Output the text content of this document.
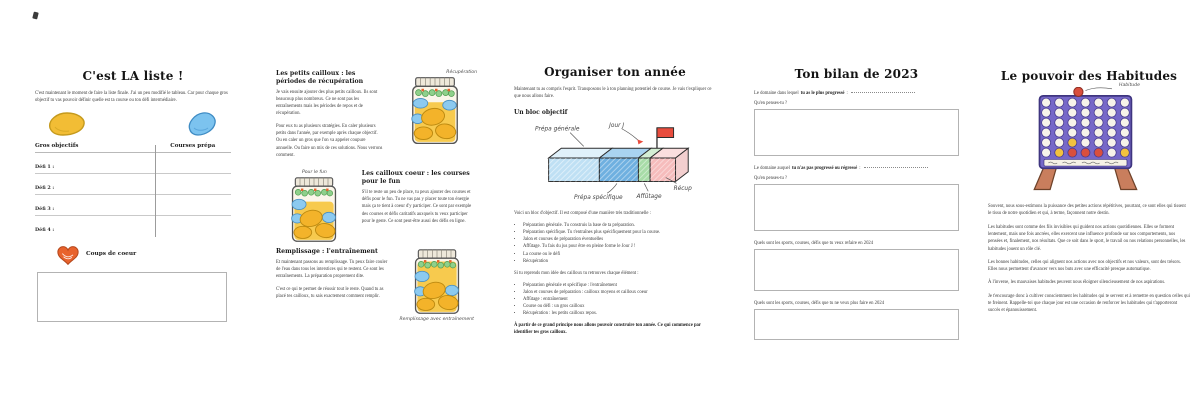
C'est LA liste !

C'est maintenant le moment de faire la liste finale. J'ai un peu modifié le tableau. Car pour chaque gros objectif tu vas pouvoir définir quelle est ta course ou ton défi intermédiaire.

Gros objectifs	Courses prépa
Défi 1 :
Défi 2 :
Défi 3 :
Défi 4 :
Coups de coeur
Les petits cailloux : les périodes de récupération

Je vais ensuite ajouter des plus petits cailloux. Ils sont beaucoup plus nombreux. Ce ne sont pas les entraînements mais les périodes de repos et de récupération.

Pour eux tu as plusieurs stratégies. En caler plusieurs petits dans l'année, par exemple après chaque objectif. Ou en caler un gros que l'on va appeler coupure annuelle. Ou faire un mix de ces solutions. Nous verrons comment.

Récupération
Pour le fun	Les cailloux coeur : les courses pour le fun

S'il te reste un peu de place, tu peux ajouter des courses et défis pour le fun. Tu ne vas pas y placer toute ton énergie mais ça te tient à coeur d'y participer. Ce sont par exemple des courses et défis caritatifs auxquels tu veux participer pour le geste. Ce sont peut-être aussi des défis en ligne.

Remplissage : l'entraînement

Et maintenant passons au remplissage. Tu peux faire couler de l'eau dans tous les interstices qui te restent. Ce sont les entraînements. La préparation proprement dite.

C'est ce qui te permet de réussir tout le reste. Quand tu as placé tes cailloux, tu sais exactement comment remplir.

Remplissage avec entraînement
Organiser ton année

Maintenant tu as compris l'esprit. Transposons le à ton planning potentiel de course. Je vais t'expliquer ce que nous allons faire.

Un bloc objectif
Prépa générale
Jour J
Prépa spécifique Affûtage
Récup

Voici un bloc d'objectif. Il est composé d'une manière très traditionnelle :

• Préparation générale. Tu construis la base de ta préparation.
• Préparation spécifique. Tu t'entraînes plus spécifiquement pour la course.
• Jalon et courses de préparation éventuelles
• Affûtage. Tu fais du jus pour être en pleine forme le Jour J !
• La course ou le défi
• Récupération

Si tu reprends mon idée des cailloux tu retrouves chaque élément :

• Préparation générale et spécifique : l'entraînement
• Jalon et courses de préparation : cailloux moyens et cailloux coeur
• Affûtage : entraînement
• Course ou défi : un gros cailloux
• Récupération : les petits cailloux repos.

À partir de ce grand principe nous allons pouvoir construire ton année. Ce qui commence par identifier tes gros cailloux.

Ton bilan de 2023
Le domaine dans lequel tu as le plus progressé :
Qu'en penses-tu ?
Le domaine auquel tu n'as pas progressé ou régressé :
Qu'en penses-tu ?
Quels sont les sports, courses, défis que tu veux refaire en 2024
Quels sont les sports, courses, défis que tu ne veux plus faire en 2024
Le pouvoir des Habitudes
Habitude

Souvent, nous sous-estimons la puissance des petites actions répétitives, pourtant, ce sont elles qui tissent le tissu de notre quotidien et qui, à terme, façonnent notre destin.

Les habitudes sont comme des fils invisibles qui guident nos actions quotidiennes. Elles se forment lentement, mais une fois ancrées, elles exercent une influence profonde sur nos comportements, nos pensées et, finalement, nos résultats. Que ce soit dans le sport, le travail ou nos relations personnelles, les habitudes jouent un rôle clé.

Les bonnes habitudes, celles qui alignent nos actions avec nos objectifs et nos valeurs, sont des trésors. Elles nous permettent d'avancer vers nos buts avec une efficacité presque automatique.

À l'inverse, les mauvaises habitudes peuvent nous éloigner silencieusement de nos aspirations.

Je t'encourage donc à cultiver consciemment les habitudes qui te servent et à remettre en question celles qui te freinent. Rappelle-toi que chaque jour est une occasion de renforcer les habitudes qui t'apporteront succès et épanouissement.
